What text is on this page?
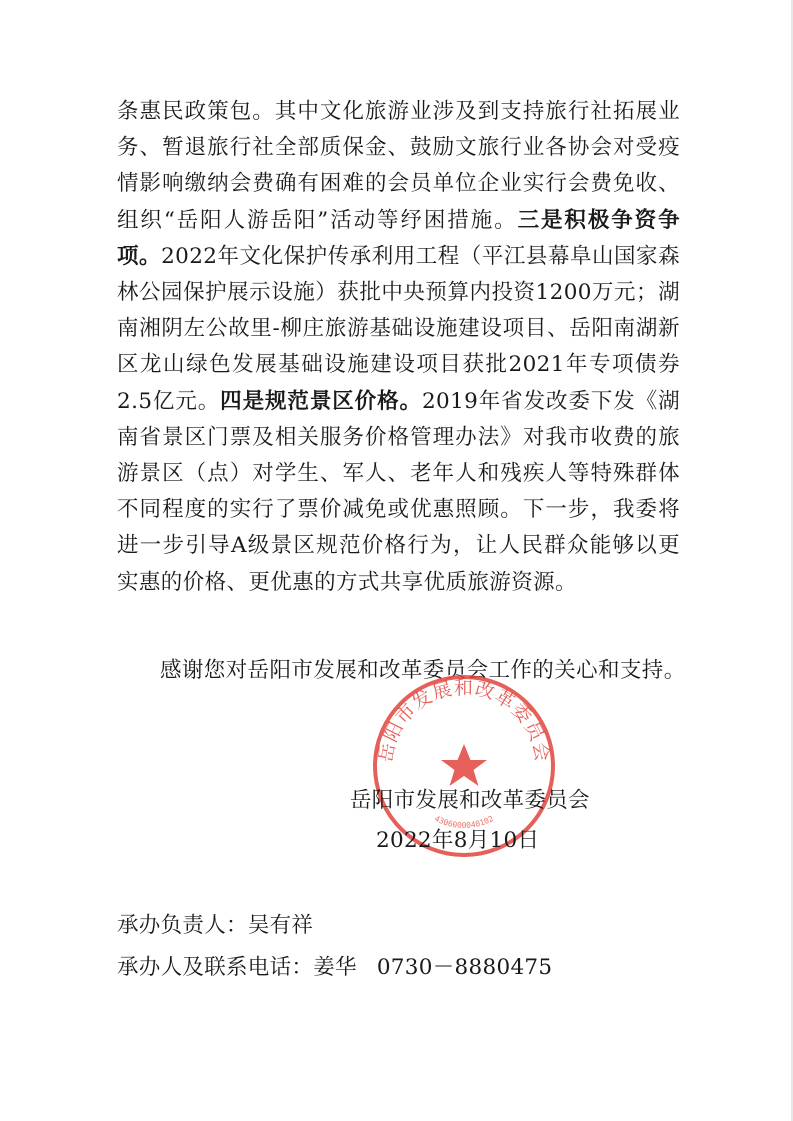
条惠民政策包。其中文化旅游业涉及到支持旅行社拓展业务、暂退旅行社全部质保金、鼓励文旅行业各协会对受疫情影响缴纳会费确有困难的会员单位企业实行会费免收、组织“岳阳人游岳阳”活动等纾困措施。三是积极争资争项。2022年文化保护传承利用工程（平江县幕阜山国家森林公园保护展示设施）获批中央预算内投资1200万元；湖南湘阴左公故里-柳庄旅游基础设施建设项目、岳阳南湖新区龙山绿色发展基础设施建设项目获批2021年专项债券2.5亿元。四是规范景区价格。2019年省发改委下发《湖南省景区门票及相关服务价格管理办法》对我市收费的旅游景区（点）对学生、军人、老年人和残疾人等特殊群体不同程度的实行了票价减免或优惠照顾。下一步，我委将进一步引导A级景区规范价格行为，让人民群众能够以更实惠的价格、更优惠的方式共享优质旅游资源。

感谢您对岳阳市发展和改革委员会工作的关心和支持。

岳阳市发展和改革委员会
4306000040102

岳阳市发展和改革委员会

2022年8月10日

承办负责人：吴有祥

承办人及联系电话：姜华 0730－8880475
